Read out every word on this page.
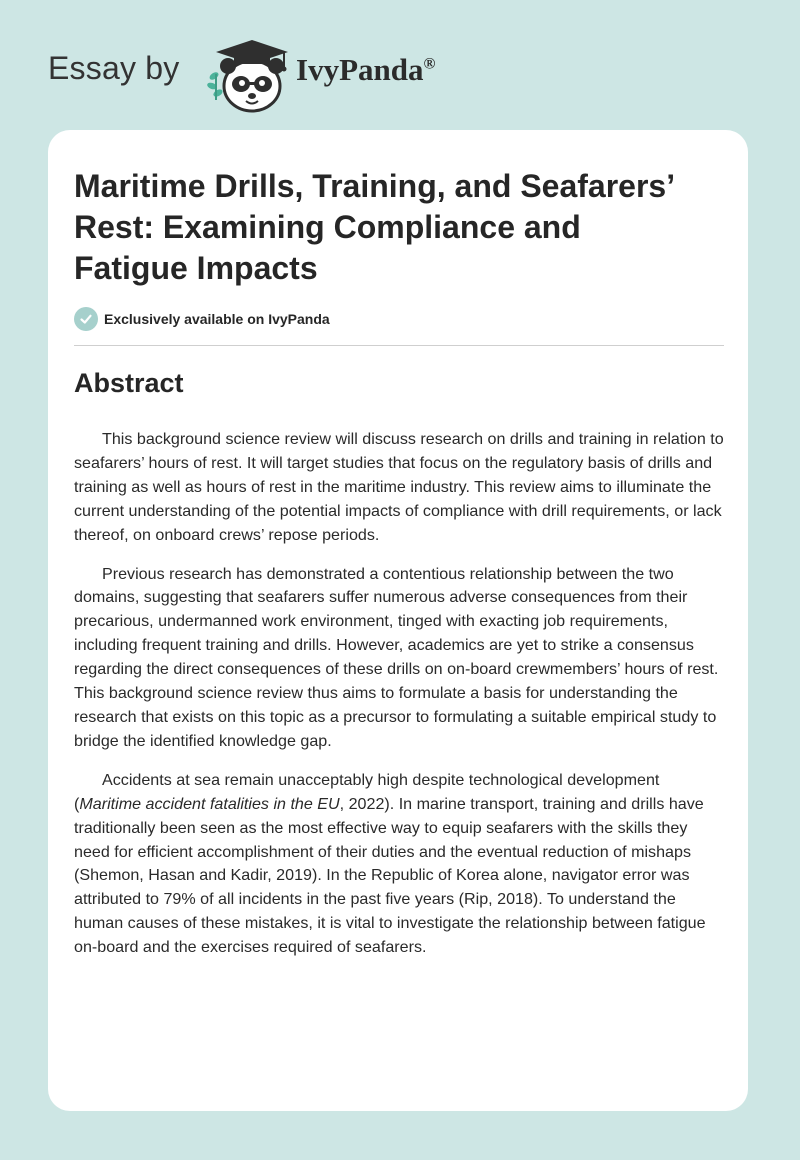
Essay by	IvyPanda®
Maritime Drills, Training, and Seafarers’ Rest: Examining Compliance and Fatigue Impacts
Exclusively available on IvyPanda
Abstract

This background science review will discuss research on drills and training in relation to seafarers’ hours of rest. It will target studies that focus on the regulatory basis of drills and training as well as hours of rest in the maritime industry. This review aims to illuminate the current understanding of the potential impacts of compliance with drill requirements, or lack thereof, on onboard crews’ repose periods.

Previous research has demonstrated a contentious relationship between the two domains, suggesting that seafarers suffer numerous adverse consequences from their precarious, undermanned work environment, tinged with exacting job requirements, including frequent training and drills. However, academics are yet to strike a consensus regarding the direct consequences of these drills on on-board crewmembers’ hours of rest. This background science review thus aims to formulate a basis for understanding the research that exists on this topic as a precursor to formulating a suitable empirical study to bridge the identified knowledge gap.

Accidents at sea remain unacceptably high despite technological development (Maritime accident fatalities in the EU, 2022). In marine transport, training and drills have traditionally been seen as the most effective way to equip seafarers with the skills they need for efficient accomplishment of their duties and the eventual reduction of mishaps (Shemon, Hasan and Kadir, 2019). In the Republic of Korea alone, navigator error was attributed to 79% of all incidents in the past five years (Rip, 2018). To understand the human causes of these mistakes, it is vital to investigate the relationship between fatigue on-board and the exercises required of seafarers.
